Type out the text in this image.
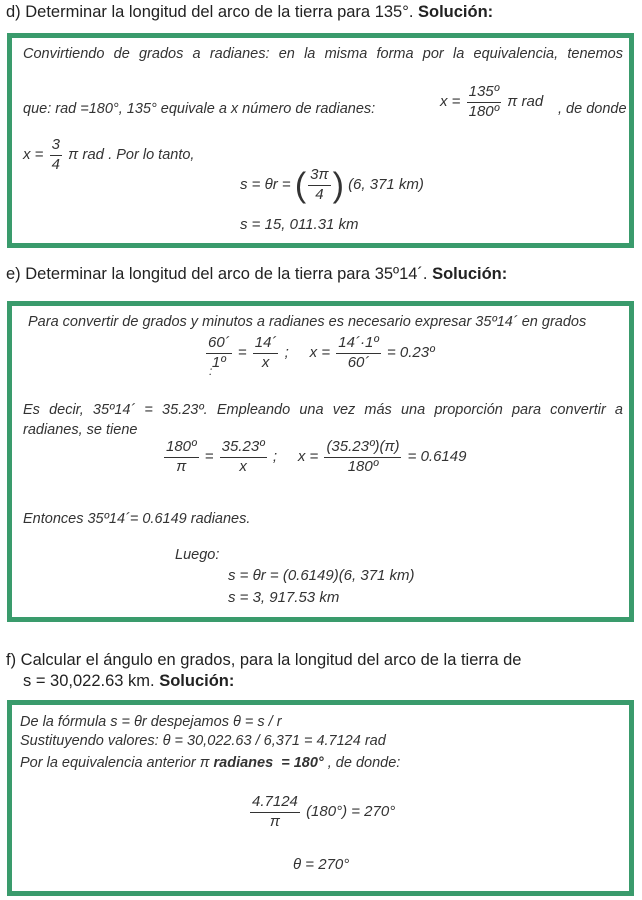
d) Determinar la longitud del arco de la tierra para 135°. Solución:
Convirtiendo de grados a radianes: en la misma forma por la equivalencia, tenemos
que: rad =180°, 135° equivale a x número de radianes:	$x = \frac{\text{135º}}{\text{180º}}$ π rad , de donde
$x = \frac{3}{4}$ π rad . Por lo tanto,
s = θr = ( $\frac{3\pi}{4}$ ) (6, 371 km)
s = 15, 011.31 km
e) Determinar la longitud del arco de la tierra para 35º14´. Solución:
Para convertir de grados y minutos a radianes es necesario expresar 35º14´ en grados
$\frac{60´}{\text{1º}} = \frac{14´}{x}$ ; $x = \frac{\text{14´·1º}}{60´}$ = 0.23º
:
Es decir, 35º14´ = 35.23º. Empleando una vez más una proporción para convertir a
radianes, se tiene
$\frac{\text{180º}}{\pi} = \frac{\text{35.23º}}{x}$ ; $x = \frac{\text{(35.23º)(π)}}{\text{180º}} = 0.6149$
Entonces 35º14´= 0.6149 radianes.
Luego:
s = θr = (0.6149)(6, 371 km)
s = 3, 917.53 km
f) Calcular el ángulo en grados, para la longitud del arco de la tierra de
s = 30,022.63 km. Solución:
De la fórmula s = θr despejamos θ = s / r
Sustituyendo valores: θ = 30,022.63 / 6,371 = 4.7124 rad
Por la equivalencia anterior π radianes = 180° , de donde:
$\frac{4.7124}{\pi} (180^\circ) = 270^\circ$
θ = 270°
